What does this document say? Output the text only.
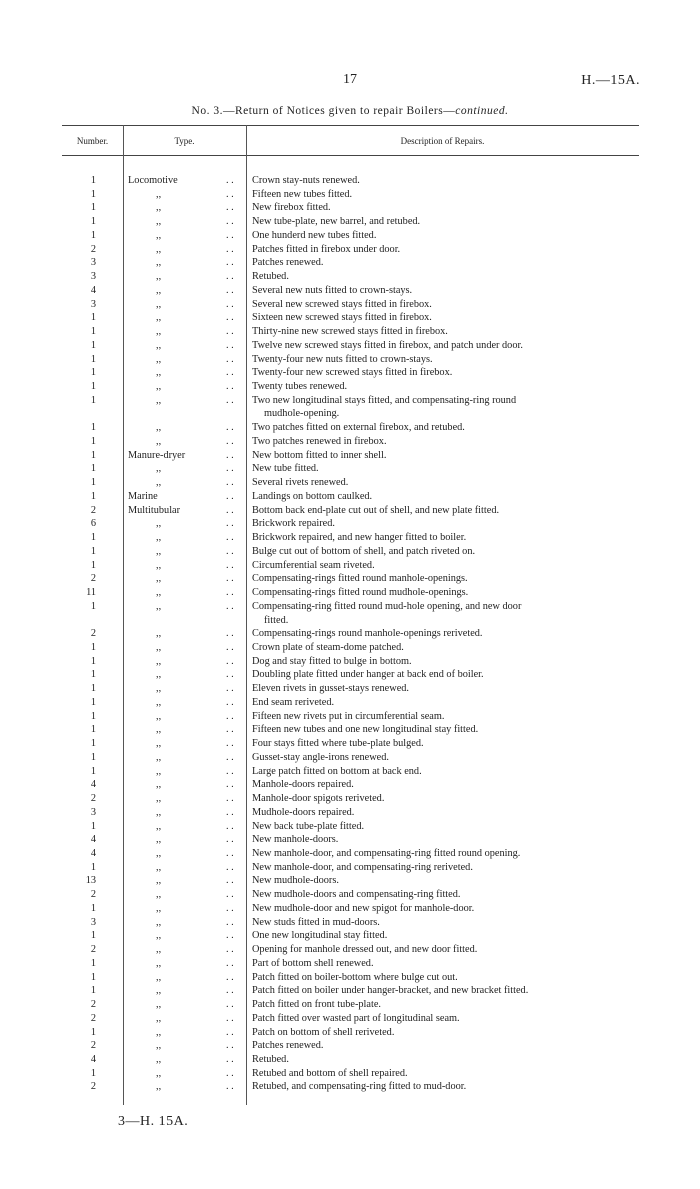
17	H.—15A.
No. 3.—Return of Notices given to repair Boilers—continued.
Number.	Type.	Description of Repairs.
1	Locomotive	. .	Crown stay-nuts renewed.
1	,,	. .	Fifteen new tubes fitted.
1	,,	. .	New firebox fitted.
1	,,	. .	New tube-plate, new barrel, and retubed.
1	,,	. .	One hunderd new tubes fitted.
2	,,	. .	Patches fitted in firebox under door.
3	,,	. .	Patches renewed.
3	,,	. .	Retubed.
4	,,	. .	Several new nuts fitted to crown-stays.
3	,,	. .	Several new screwed stays fitted in firebox.
1	,,	. .	Sixteen new screwed stays fitted in firebox.
1	,,	. .	Thirty-nine new screwed stays fitted in firebox.
1	,,	. .	Twelve new screwed stays fitted in firebox, and patch under door.
1	,,	. .	Twenty-four new nuts fitted to crown-stays.
1	,,	. .	Twenty-four new screwed stays fitted in firebox.
1	,,	. .	Twenty tubes renewed.
1	,,	. .	Two new longitudinal stays fitted, and compensating-ring round
mudhole-opening.
1	,,	. .	Two patches fitted on external firebox, and retubed.
1	,,	. .	Two patches renewed in firebox.
1	Manure-dryer	. .	New bottom fitted to inner shell.
1	,,	. .	New tube fitted.
1	,,	. .	Several rivets renewed.
1	Marine	. .	Landings on bottom caulked.
2	Multitubular	. .	Bottom back end-plate cut out of shell, and new plate fitted.
6	,,	. .	Brickwork repaired.
1	,,	. .	Brickwork repaired, and new hanger fitted to boiler.
1	,,	. .	Bulge cut out of bottom of shell, and patch riveted on.
1	,,	. .	Circumferential seam riveted.
2	,,	. .	Compensating-rings fitted round manhole-openings.
11	,,	. .	Compensating-rings fitted round mudhole-openings.
1	,,	. .	Compensating-ring fitted round mud-hole opening, and new door
fitted.
2	,,	. .	Compensating-rings round manhole-openings reriveted.
1	,,	. .	Crown plate of steam-dome patched.
1	,,	. .	Dog and stay fitted to bulge in bottom.
1	,,	. .	Doubling plate fitted under hanger at back end of boiler.
1	,,	. .	Eleven rivets in gusset-stays renewed.
1	,,	. .	End seam reriveted.
1	,,	. .	Fifteen new rivets put in circumferential seam.
1	,,	. .	Fifteen new tubes and one new longitudinal stay fitted.
1	,,	. .	Four stays fitted where tube-plate bulged.
1	,,	. .	Gusset-stay angle-irons renewed.
1	,,	. .	Large patch fitted on bottom at back end.
4	,,	. .	Manhole-doors repaired.
2	,,	. .	Manhole-door spigots reriveted.
3	,,	. .	Mudhole-doors repaired.
1	,,	. .	New back tube-plate fitted.
4	,,	. .	New manhole-doors.
4	,,	. .	New manhole-door, and compensating-ring fitted round opening.
1	,,	. .	New manhole-door, and compensating-ring reriveted.
13	,,	. .	New mudhole-doors.
2	,,	. .	New mudhole-doors and compensating-ring fitted.
1	,,	. .	New mudhole-door and new spigot for manhole-door.
3	,,	. .	New studs fitted in mud-doors.
1	,,	. .	One new longitudinal stay fitted.
2	,,	. .	Opening for manhole dressed out, and new door fitted.
1	,,	. .	Part of bottom shell renewed.
1	,,	. .	Patch fitted on boiler-bottom where bulge cut out.
1	,,	. .	Patch fitted on boiler under hanger-bracket, and new bracket fitted.
2	,,	. .	Patch fitted on front tube-plate.
2	,,	. .	Patch fitted over wasted part of longitudinal seam.
1	,,	. .	Patch on bottom of shell reriveted.
2	,,	. .	Patches renewed.
4	,,	. .	Retubed.
1	,,	. .	Retubed and bottom of shell repaired.
2	,,	. .	Retubed, and compensating-ring fitted to mud-door.
3—H. 15A.
